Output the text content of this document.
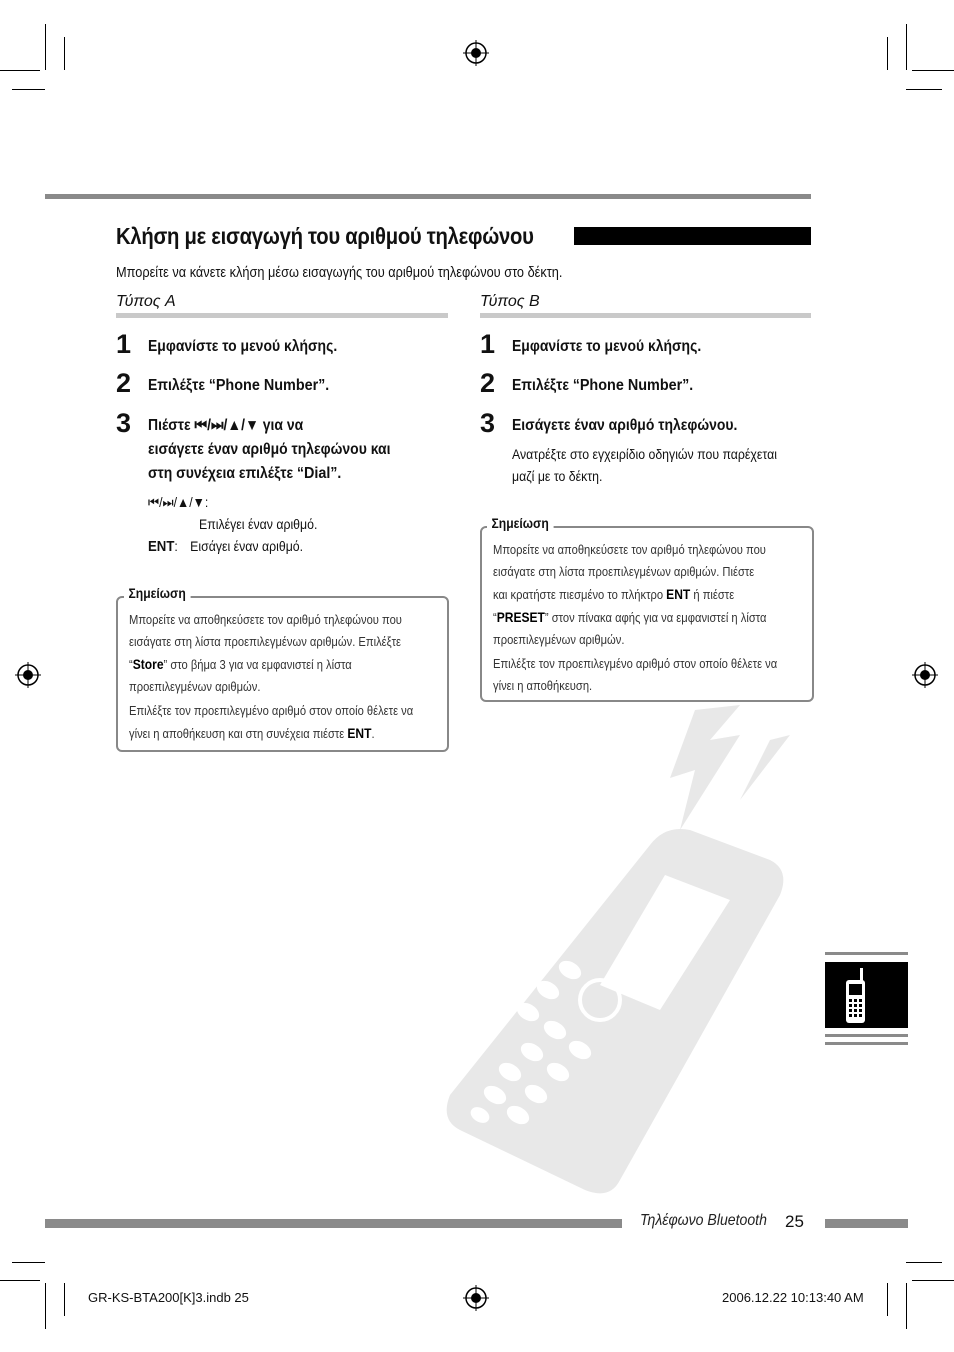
Κλήση με εισαγωγή του αριθμού τηλεφώνου
Μπορείτε να κάνετε κλήση μέσω εισαγωγής του αριθμού τηλεφώνου στο δέκτη.
Τύπος A
1	Εμφανίστε το μενού κλήσης.
2	Επιλέξτε “Phone Number”.
3	Πιέστε ⏮/⏭/▲/▼ για να
εισάγετε έναν αριθμό τηλεφώνου και
στη συνέχεια επιλέξτε “Dial”.
⏮/⏭/▲/▼:
Επιλέγει έναν αριθμό.
ENT: Εισάγει έναν αριθμό.
Σημείωση
Μπορείτε να αποθηκεύσετε τον αριθμό τηλεφώνου που
εισάγατε στη λίστα προεπιλεγμένων αριθμών. Επιλέξτε
“Store” στο βήμα 3 για να εμφανιστεί η λίστα
προεπιλεγμένων αριθμών.
Επιλέξτε τον προεπιλεγμένο αριθμό στον οποίο θέλετε να
γίνει η αποθήκευση και στη συνέχεια πιέστε ENT.
Τύπος B
1	Εμφανίστε το μενού κλήσης.
2	Επιλέξτε “Phone Number”.
3	Εισάγετε έναν αριθμό τηλεφώνου.
Ανατρέξτε στο εγχειρίδιο οδηγιών που παρέχεται
μαζί με το δέκτη.
Σημείωση
Μπορείτε να αποθηκεύσετε τον αριθμό τηλεφώνου που
εισάγατε στη λίστα προεπιλεγμένων αριθμών. Πιέστε
και κρατήστε πιεσμένο το πλήκτρο ENT ή πιέστε
“PRESET” στον πίνακα αφής για να εμφανιστεί η λίστα
προεπιλεγμένων αριθμών.
Επιλέξτε τον προεπιλεγμένο αριθμό στον οποίο θέλετε να
γίνει η αποθήκευση.
Τηλέφωνο Bluetooth 25
GR-KS-BTA200[K]3.indb 25	2006.12.22 10:13:40 AM
